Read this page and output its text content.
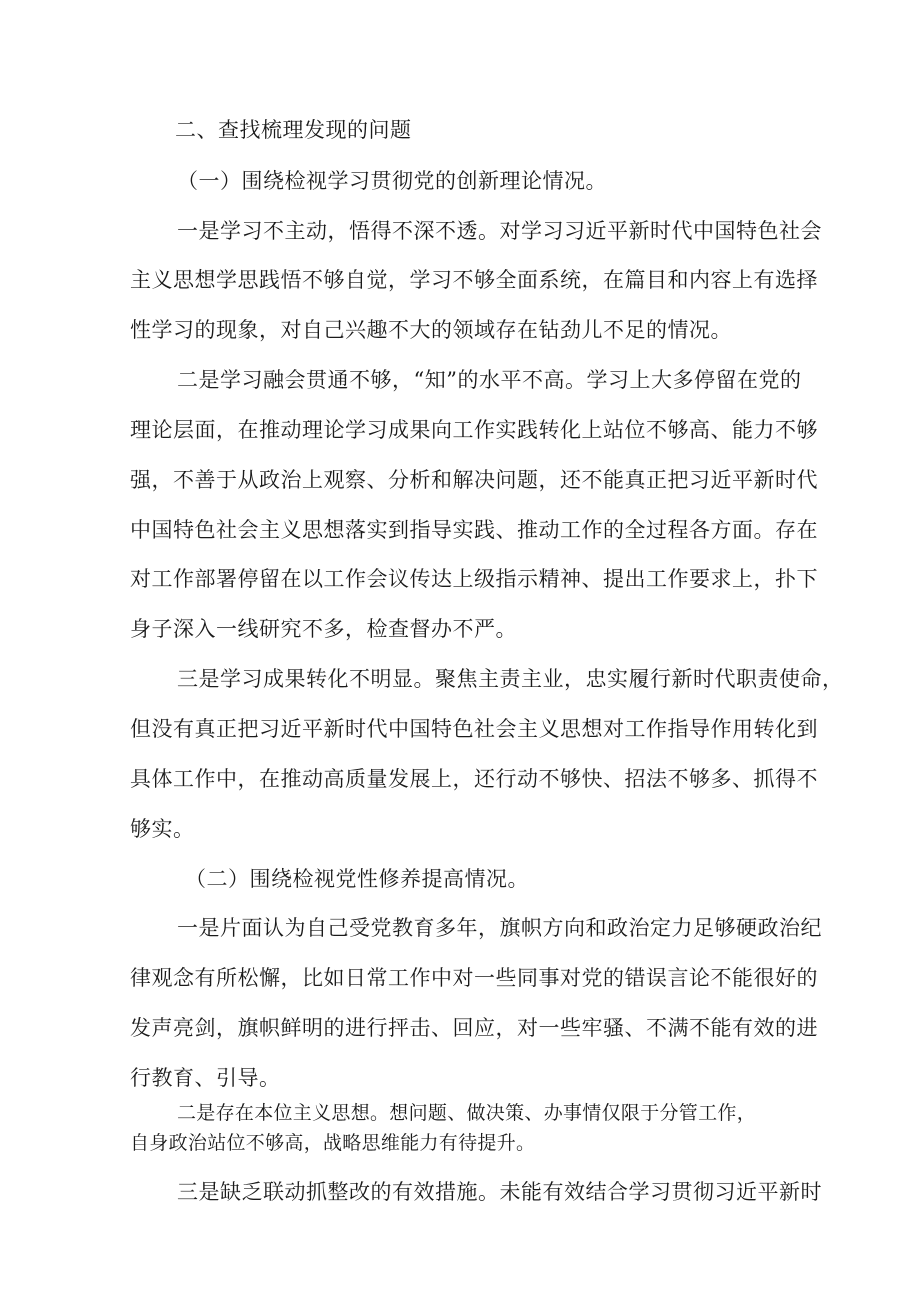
二、查找梳理发现的问题
（一）围绕检视学习贯彻党的创新理论情况。
一是学习不主动，悟得不深不透。对学习习近平新时代中国特色社会
主义思想学思践悟不够自觉，学习不够全面系统，在篇目和内容上有选择
性学习的现象，对自己兴趣不大的领域存在钻劲儿不足的情况。
二是学习融会贯通不够，“知”的水平不高。学习上大多停留在党的
理论层面，在推动理论学习成果向工作实践转化上站位不够高、能力不够
强，不善于从政治上观察、分析和解决问题，还不能真正把习近平新时代
中国特色社会主义思想落实到指导实践、推动工作的全过程各方面。存在
对工作部署停留在以工作会议传达上级指示精神、提出工作要求上，扑下
身子深入一线研究不多，检查督办不严。
三是学习成果转化不明显。聚焦主责主业，忠实履行新时代职责使命，
但没有真正把习近平新时代中国特色社会主义思想对工作指导作用转化到
具体工作中，在推动高质量发展上，还行动不够快、招法不够多、抓得不
够实。
（二）围绕检视党性修养提高情况。
一是片面认为自己受党教育多年，旗帜方向和政治定力足够硬政治纪
律观念有所松懈，比如日常工作中对一些同事对党的错误言论不能很好的
发声亮剑，旗帜鲜明的进行抨击、回应，对一些牢骚、不满不能有效的进
行教育、引导。
二是存在本位主义思想。想问题、做决策、办事情仅限于分管工作，
自身政治站位不够高，战略思维能力有待提升。
三是缺乏联动抓整改的有效措施。未能有效结合学习贯彻习近平新时
